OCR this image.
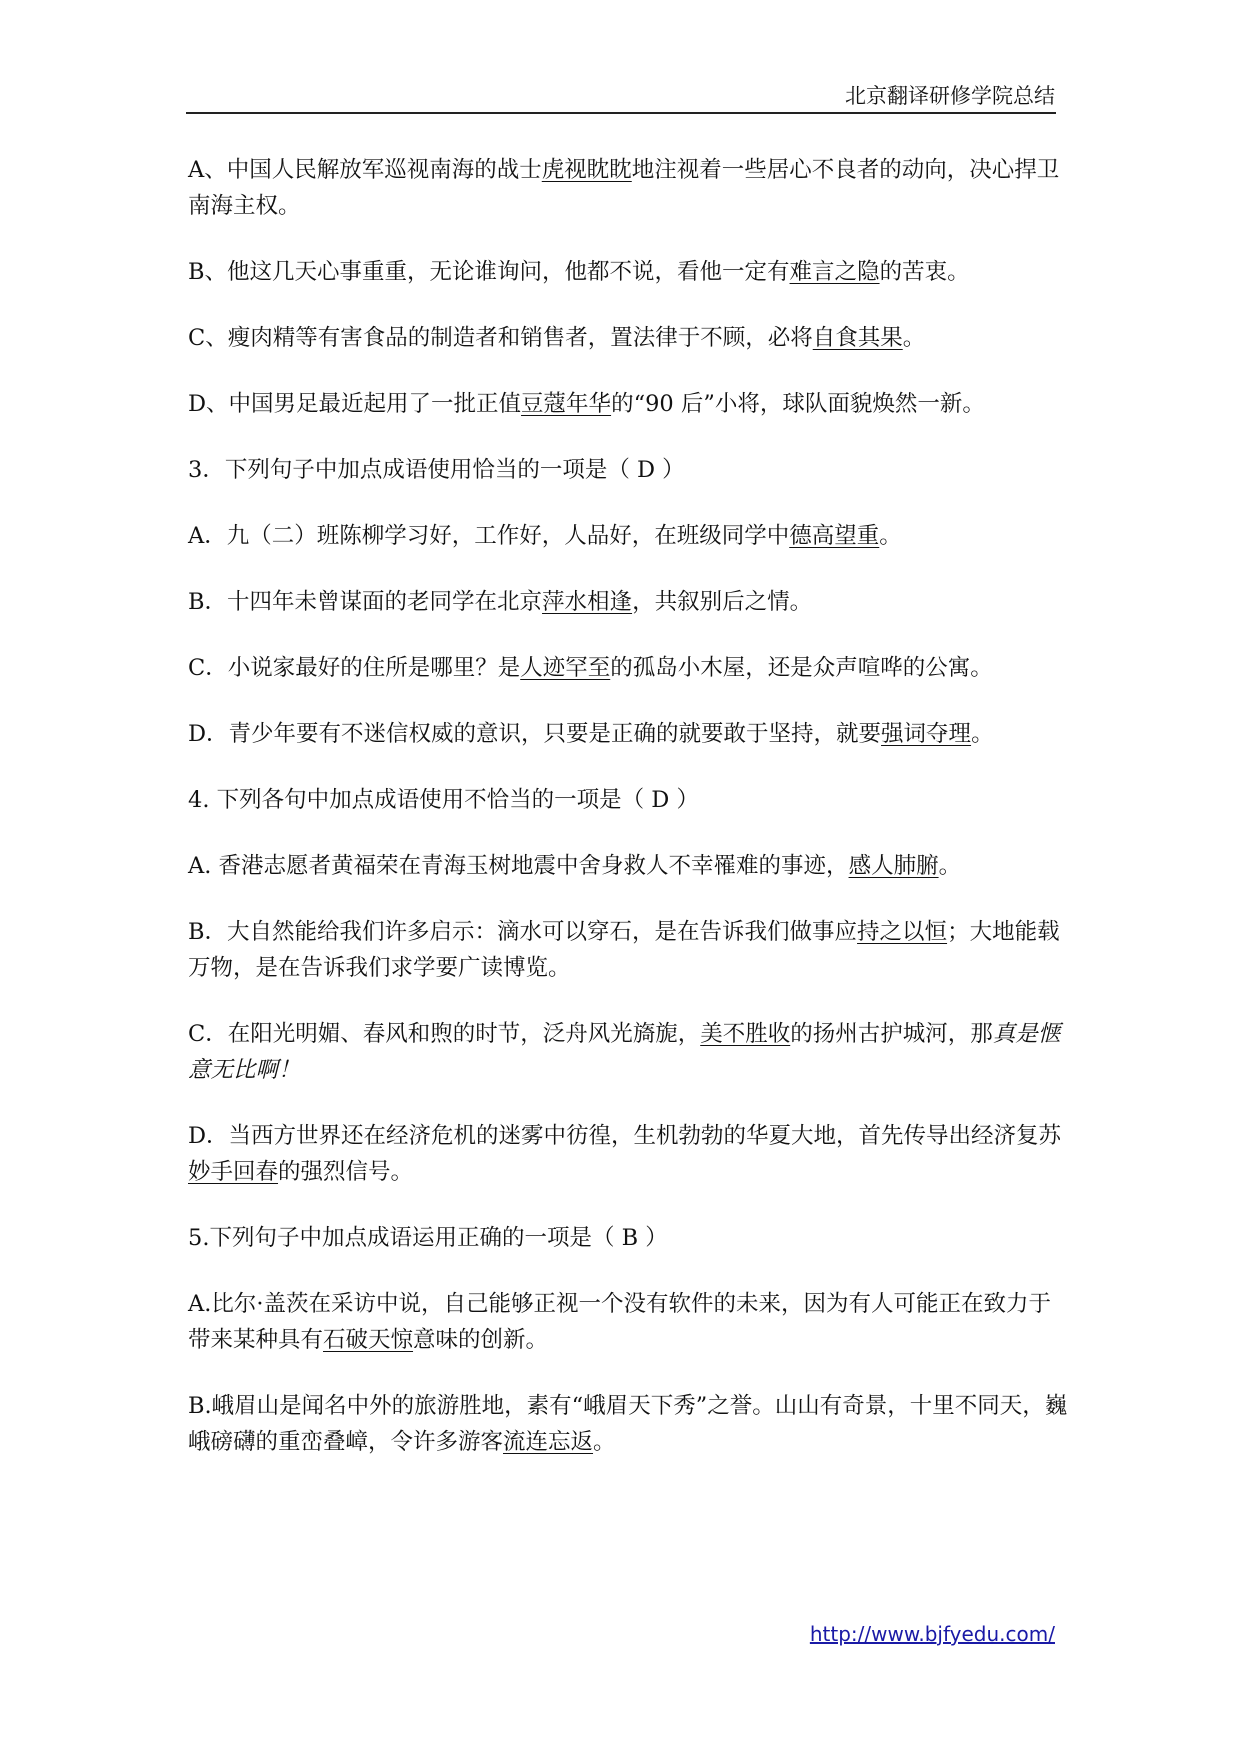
北京翻译研修学院总结

A、中国人民解放军巡视南海的战士虎视眈眈地注视着一些居心不良者的动向，决心捍卫南海主权。

B、他这几天心事重重，无论谁询问，他都不说，看他一定有难言之隐的苦衷。

C、瘦肉精等有害食品的制造者和销售者，置法律于不顾，必将自食其果。

D、中国男足最近起用了一批正值豆蔻年华的“90 后”小将，球队面貌焕然一新。

3．下列句子中加点成语使用恰当的一项是（ D ）

A．九（二）班陈柳学习好，工作好，人品好，在班级同学中德高望重。

B．十四年未曾谋面的老同学在北京萍水相逢，共叙别后之情。

C．小说家最好的住所是哪里？是人迹罕至的孤岛小木屋，还是众声喧哗的公寓。

D．青少年要有不迷信权威的意识，只要是正确的就要敢于坚持，就要强词夺理。

4. 下列各句中加点成语使用不恰当的一项是（ D ）

A. 香港志愿者黄福荣在青海玉树地震中舍身救人不幸罹难的事迹，感人肺腑。

B．大自然能给我们许多启示：滴水可以穿石，是在告诉我们做事应持之以恒；大地能载万物，是在告诉我们求学要广读博览。

C．在阳光明媚、春风和煦的时节，泛舟风光旖旎，美不胜收的扬州古护城河，那真是惬意无比啊！

D．当西方世界还在经济危机的迷雾中彷徨，生机勃勃的华夏大地，首先传导出经济复苏妙手回春的强烈信号。

5.下列句子中加点成语运用正确的一项是（ B ）

A.比尔·盖茨在采访中说，自己能够正视一个没有软件的未来，因为有人可能正在致力于带来某种具有石破天惊意味的创新。

B.峨眉山是闻名中外的旅游胜地，素有“峨眉天下秀”之誉。山山有奇景，十里不同天，巍峨磅礴的重峦叠嶂，令许多游客流连忘返。

http://www.bjfyedu.com/
